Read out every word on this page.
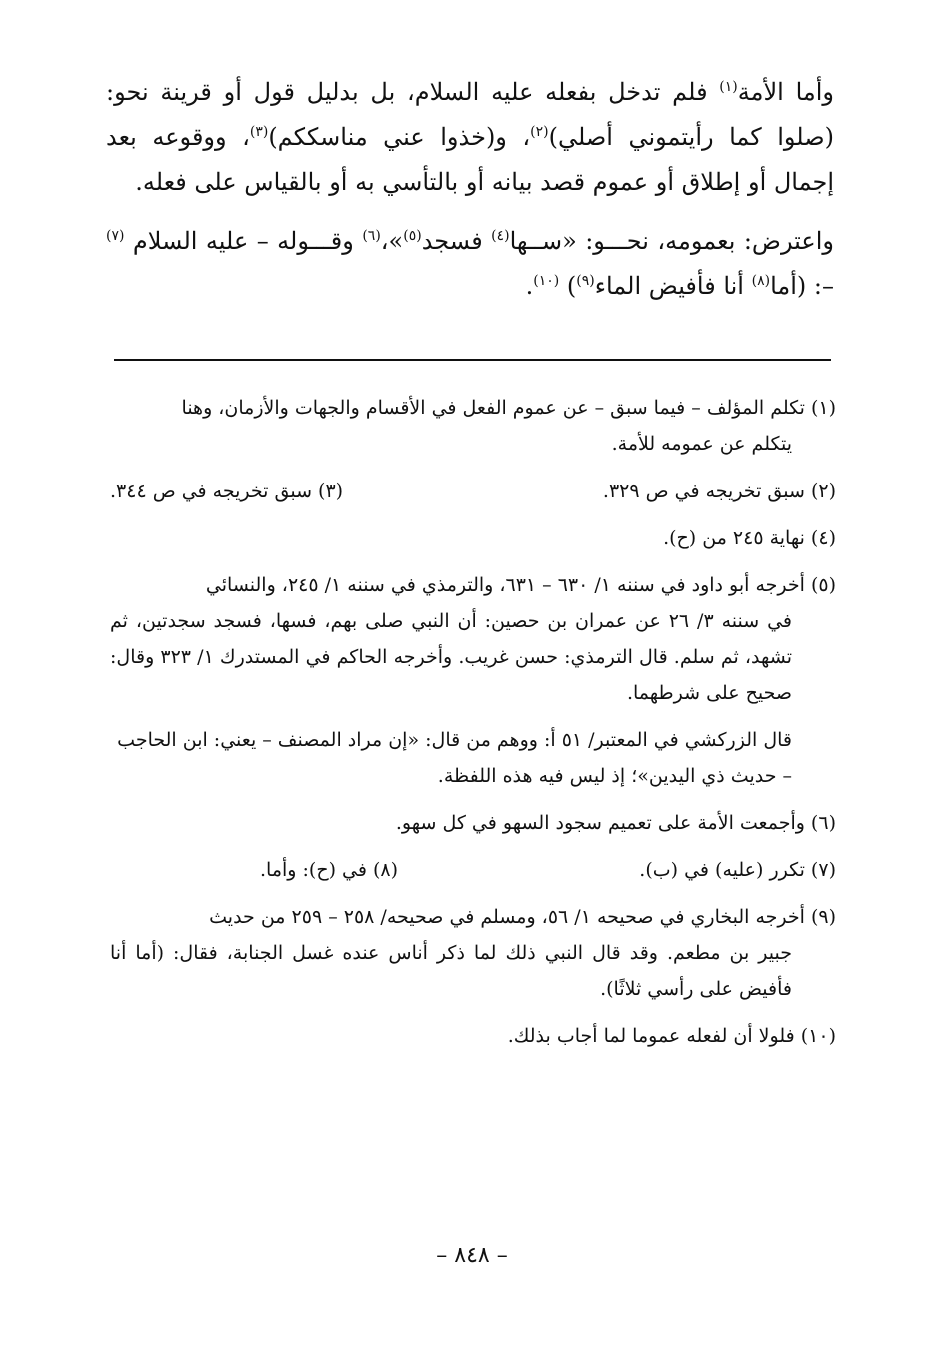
وأما الأمة$^{(١)}$ فلم تدخل بفعله عليه السلام، بل بدليل قول أو قرينة نحو: (صلوا كما رأيتموني أصلي)$^{(٢)}$، و(خذوا عني مناسككم)$^{(٣)}$، ووقوعه بعد إجمال أو إطلاق أو عموم قصد بيانه أو بالتأسي به أو بالقياس على فعله.

واعترض: بعمومه، نحـــو: «ســها$^{(٤)}$ فسجد$^{(٥)}$»،$^{(٦)}$ وقـــوله – عليه السلام $^{(٧)}$ –: (أما$^{(٨)}$ أنا فأفيض الماء$^{(٩)}$) $^{(١٠)}$.

(١) تكلم المؤلف – فيما سبق – عن عموم الفعل في الأقسام والجهات والأزمان، وهنا
يتكلم عن عمومه للأمة.

(٢) سبق تخريجه في ص ٣٢٩.
(٣) سبق تخريجه في ص ٣٤٤.

(٤) نهاية ٢٤٥ من (ح).

(٥) أخرجه أبو داود في سننه ١/ ٦٣٠ – ٦٣١، والترمذي في سننه ١/ ٢٤٥، والنسائي
في سننه ٣/ ٢٦ عن عمران بن حصين: أن النبي صلى بهم، فسها، فسجد سجدتين، ثم تشهد، ثم سلم. قال الترمذي: حسن غريب. وأخرجه الحاكم في المستدرك ١/ ٣٢٣ وقال: صحيح على شرطهما.
قال الزركشي في المعتبر/ ٥١ أ: ووهم من قال: «إن مراد المصنف – يعني: ابن الحاجب
– حديث ذي اليدين»؛ إذ ليس فيه هذه اللفظة.

(٦) وأجمعت الأمة على تعميم سجود السهو في كل سهو.

(٧) تكرر (عليه) في (ب).
(٨) في (ح): وأما.
(٩) أخرجه البخاري في صحيحه ١/ ٥٦، ومسلم في صحيحه/ ٢٥٨ – ٢٥٩ من حديث
جبير بن مطعم. وقد قال النبي ذلك لما ذكر أناس عنده غسل الجنابة، فقال: (أما أنا فأفيض على رأسي ثلاثًا).

(١٠) فلولا أن لفعله عموما لما أجاب بذلك.

– ٨٤٨ –
